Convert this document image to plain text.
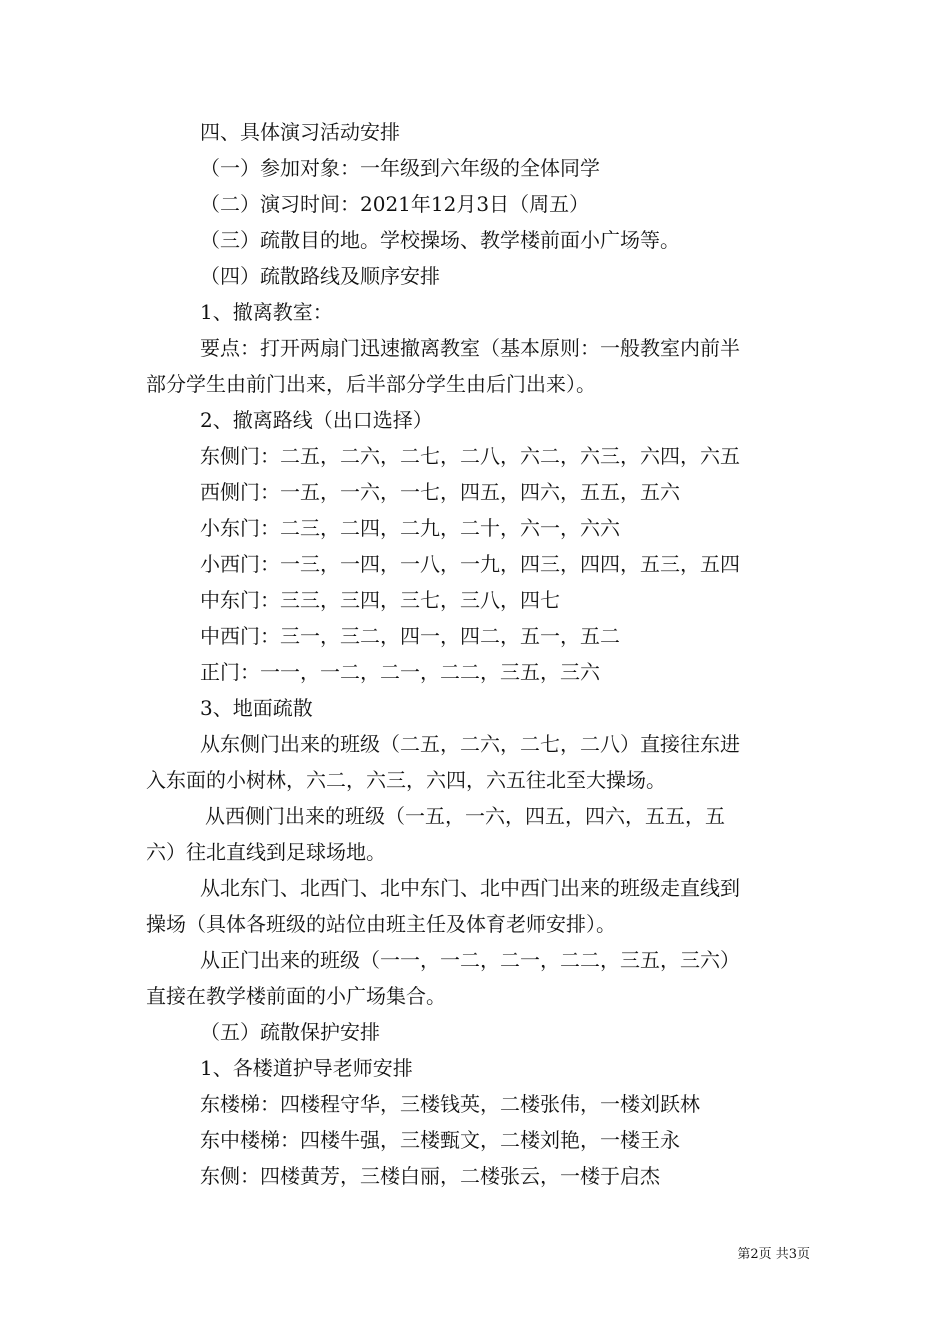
四、具体演习活动安排
（一）参加对象：一年级到六年级的全体同学
（二）演习时间：2021年12月3日（周五）
（三）疏散目的地。学校操场、教学楼前面小广场等。
（四）疏散路线及顺序安排
1、撤离教室：
要点：打开两扇门迅速撤离教室（基本原则：一般教室内前半
部分学生由前门出来，后半部分学生由后门出来）。
2、撤离路线（出口选择）
东侧门：二五，二六，二七，二八，六二，六三，六四，六五
西侧门：一五，一六，一七，四五，四六，五五，五六
小东门：二三，二四，二九，二十，六一，六六
小西门：一三，一四，一八，一九，四三，四四，五三，五四
中东门：三三，三四，三七，三八，四七
中西门：三一，三二，四一，四二，五一，五二
正门：一一，一二，二一，二二，三五，三六
3、地面疏散
从东侧门出来的班级（二五，二六，二七，二八）直接往东进
入东面的小树林，六二，六三，六四，六五往北至大操场。
从西侧门出来的班级（一五，一六，四五，四六，五五，五
六）往北直线到足球场地。
从北东门、北西门、北中东门、北中西门出来的班级走直线到
操场（具体各班级的站位由班主任及体育老师安排）。
从正门出来的班级（一一，一二，二一，二二，三五，三六）
直接在教学楼前面的小广场集合。
（五）疏散保护安排
1、各楼道护导老师安排
东楼梯：四楼程守华，三楼钱英，二楼张伟，一楼刘跃林
东中楼梯：四楼牛强，三楼甄文，二楼刘艳，一楼王永
东侧：四楼黄芳，三楼白丽，二楼张云，一楼于启杰
第2页 共3页
